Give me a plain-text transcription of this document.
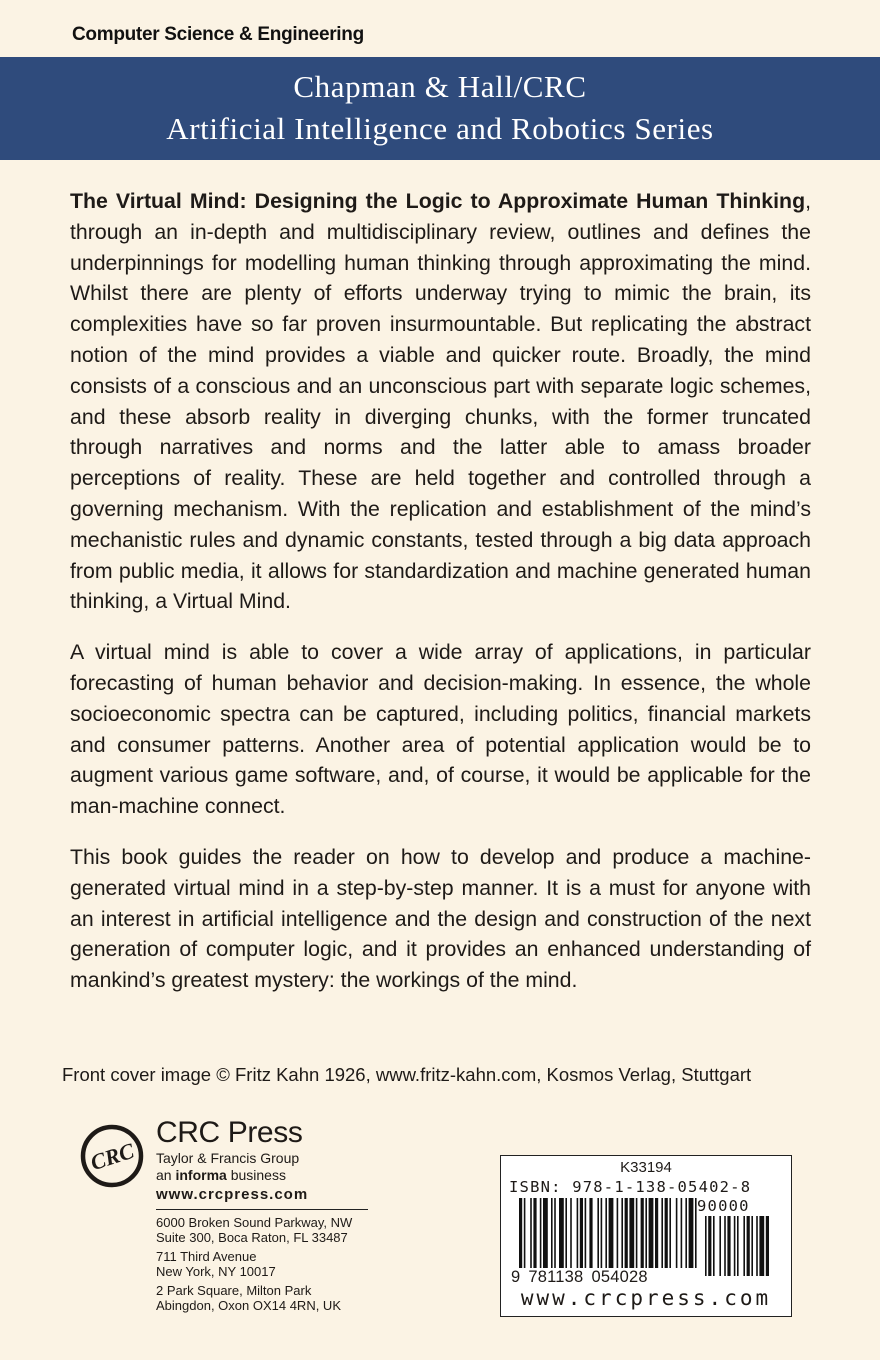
Computer Science & Engineering
Chapman & Hall/CRC
Artificial Intelligence and Robotics Series

The Virtual Mind: Designing the Logic to Approximate Human Thinking, through an in-depth and multidisciplinary review, outlines and defines the underpinnings for modelling human thinking through approximating the mind. Whilst there are plenty of efforts underway trying to mimic the brain, its complexities have so far proven insurmountable. But replicating the abstract notion of the mind provides a viable and quicker route. Broadly, the mind consists of a conscious and an unconscious part with separate logic schemes, and these absorb reality in diverging chunks, with the former truncated through narratives and norms and the latter able to amass broader perceptions of reality. These are held together and controlled through a governing mechanism. With the replication and establishment of the mind’s mechanistic rules and dynamic constants, tested through a big data approach from public media, it allows for standardization and machine generated human thinking, a Virtual Mind.

A virtual mind is able to cover a wide array of applications, in particular forecasting of human behavior and decision-making. In essence, the whole socioeconomic spectra can be captured, including politics, financial markets and consumer patterns. Another area of potential application would be to augment various game software, and, of course, it would be applicable for the man-machine connect.

This book guides the reader on how to develop and produce a machine-generated virtual mind in a step-by-step manner. It is a must for anyone with an interest in artificial intelligence and the design and construction of the next generation of computer logic, and it provides an enhanced understanding of mankind’s greatest mystery: the workings of the mind.

Front cover image © Fritz Kahn 1926, www.fritz-kahn.com, Kosmos Verlag, Stuttgart
CRC
CRC Press
Taylor & Francis Group
an informa business
www.crcpress.com
6000 Broken Sound Parkway, NW
Suite 300, Boca Raton, FL 33487
711 Third Avenue
New York, NY 10017
2 Park Square, Milton Park
Abingdon, Oxon OX14 4RN, UK
K33194
ISBN: 978-1-138-05402-8
90000
9 781138 054028
www.crcpress.com
